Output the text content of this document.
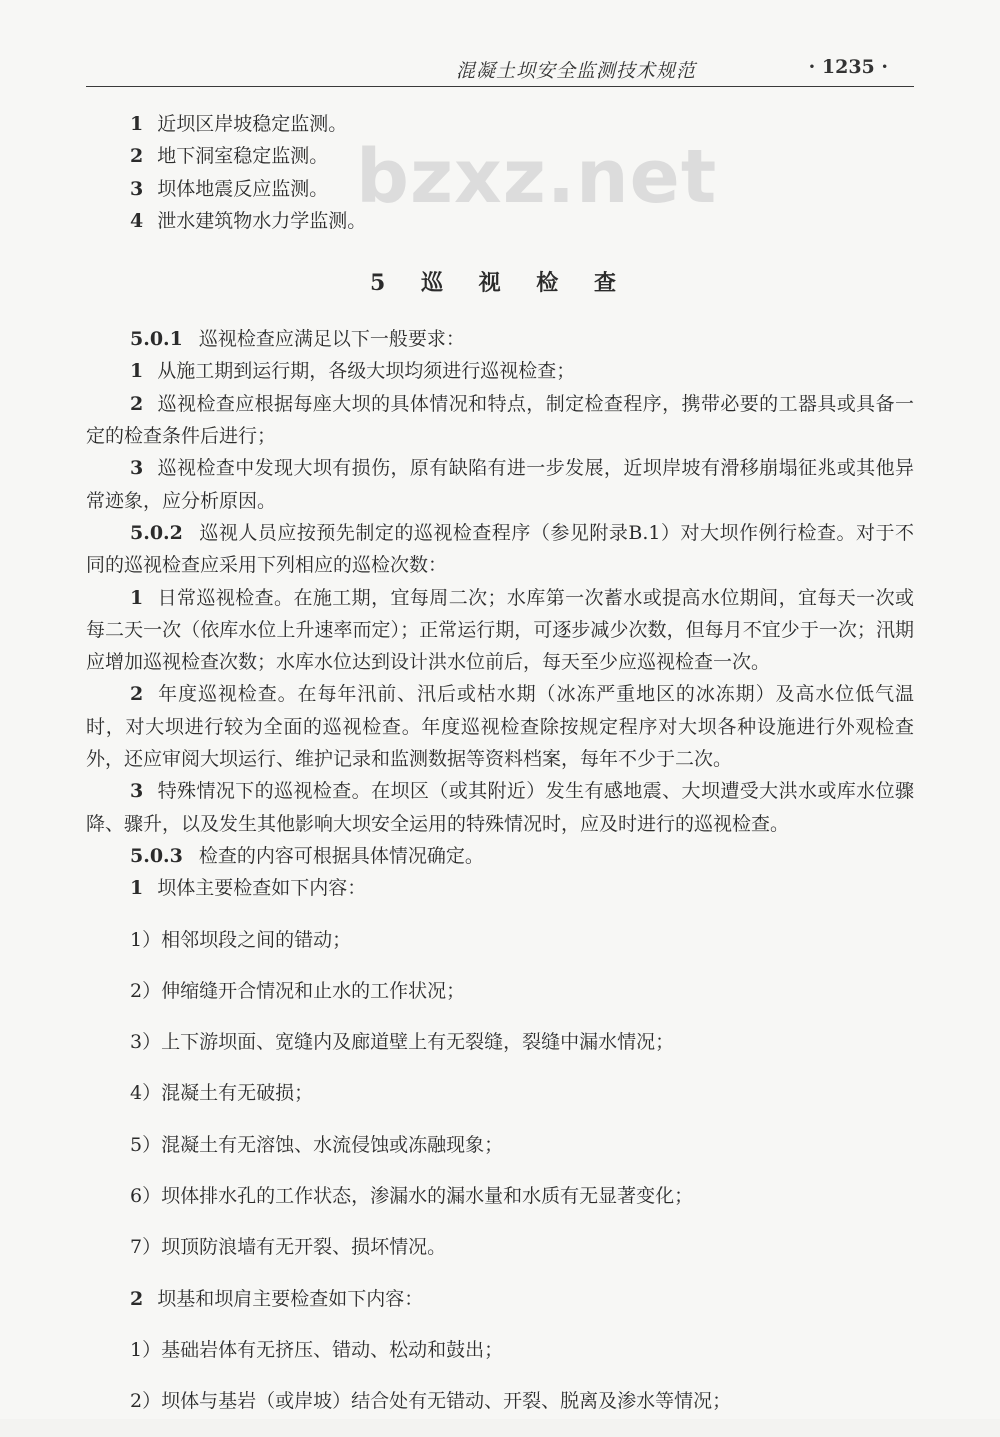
混凝土坝安全监测技术规范	· 1235 ·
bzxz.net

1 近坝区岸坡稳定监测。

2 地下洞室稳定监测。

3 坝体地震反应监测。

4 泄水建筑物水力学监测。

5 巡 视 检 查

5.0.1 巡视检查应满足以下一般要求：

1 从施工期到运行期，各级大坝均须进行巡视检查；

2 巡视检查应根据每座大坝的具体情况和特点，制定检查程序，携带必要的工器具或具备一定的检查条件后进行；

3 巡视检查中发现大坝有损伤，原有缺陷有进一步发展，近坝岸坡有滑移崩塌征兆或其他异常迹象，应分析原因。

5.0.2 巡视人员应按预先制定的巡视检查程序（参见附录B.1）对大坝作例行检查。对于不同的巡视检查应采用下列相应的巡检次数：

1 日常巡视检查。在施工期，宜每周二次；水库第一次蓄水或提高水位期间，宜每天一次或每二天一次（依库水位上升速率而定）；正常运行期，可逐步减少次数，但每月不宜少于一次；汛期应增加巡视检查次数；水库水位达到设计洪水位前后，每天至少应巡视检查一次。

2 年度巡视检查。在每年汛前、汛后或枯水期（冰冻严重地区的冰冻期）及高水位低气温时，对大坝进行较为全面的巡视检查。年度巡视检查除按规定程序对大坝各种设施进行外观检查外，还应审阅大坝运行、维护记录和监测数据等资料档案，每年不少于二次。

3 特殊情况下的巡视检查。在坝区（或其附近）发生有感地震、大坝遭受大洪水或库水位骤降、骤升，以及发生其他影响大坝安全运用的特殊情况时，应及时进行的巡视检查。

5.0.3 检查的内容可根据具体情况确定。

1 坝体主要检查如下内容：

1）相邻坝段之间的错动；

2）伸缩缝开合情况和止水的工作状况；

3）上下游坝面、宽缝内及廊道壁上有无裂缝，裂缝中漏水情况；

4）混凝土有无破损；

5）混凝土有无溶蚀、水流侵蚀或冻融现象；

6）坝体排水孔的工作状态，渗漏水的漏水量和水质有无显著变化；

7）坝顶防浪墙有无开裂、损坏情况。

2 坝基和坝肩主要检查如下内容：

1）基础岩体有无挤压、错动、松动和鼓出；

2）坝体与基岩（或岸坡）结合处有无错动、开裂、脱离及渗水等情况；
